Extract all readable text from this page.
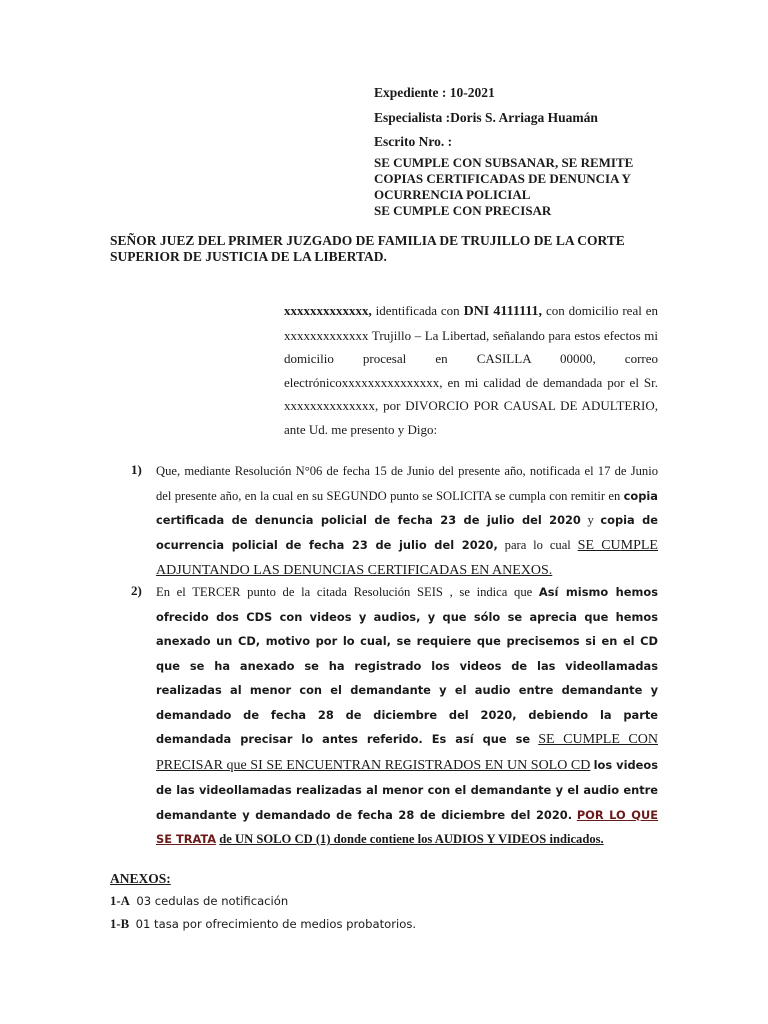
Expediente : 10-2021
Especialista :Doris S. Arriaga Huamán
Escrito Nro. :
SE CUMPLE CON SUBSANAR, SE REMITE
COPIAS CERTIFICADAS DE DENUNCIA Y
OCURRENCIA POLICIAL
SE CUMPLE CON PRECISAR
SEÑOR JUEZ DEL PRIMER JUZGADO DE FAMILIA DE TRUJILLO DE LA CORTE SUPERIOR DE JUSTICIA DE LA LIBERTAD.
xxxxxxxxxxxxx, identificada con DNI 4111111, con domicilio real en xxxxxxxxxxxxx Trujillo – La Libertad, señalando para estos efectos mi domicilio procesal en CASILLA 00000, correo electrónicoxxxxxxxxxxxxxxx, en mi calidad de demandada por el Sr. xxxxxxxxxxxxxx, por DIVORCIO POR CAUSAL DE ADULTERIO, ante Ud. me presento y Digo:
1) Que, mediante Resolución N°06 de fecha 15 de Junio del presente año, notificada el 17 de Junio del presente año, en la cual en su SEGUNDO punto se SOLICITA se cumpla con remitir en copia certificada de denuncia policial de fecha 23 de julio del 2020 y copia de ocurrencia policial de fecha 23 de julio del 2020, para lo cual SE CUMPLE ADJUNTANDO LAS DENUNCIAS CERTIFICADAS EN ANEXOS.
2) En el TERCER punto de la citada Resolución SEIS , se indica que Así mismo hemos ofrecido dos CDS con videos y audios, y que sólo se aprecia que hemos anexado un CD, motivo por lo cual, se requiere que precisemos si en el CD que se ha anexado se ha registrado los videos de las videollamadas realizadas al menor con el demandante y el audio entre demandante y demandado de fecha 28 de diciembre del 2020, debiendo la parte demandada precisar lo antes referido. Es así que se SE CUMPLE CON PRECISAR que SI SE ENCUENTRAN REGISTRADOS EN UN SOLO CD los videos de las videollamadas realizadas al menor con el demandante y el audio entre demandante y demandado de fecha 28 de diciembre del 2020. POR LO QUE SE TRATA de UN SOLO CD (1) donde contiene los AUDIOS Y VIDEOS indicados.
ANEXOS:
1-A 03 cedulas de notificación
1-B 01 tasa por ofrecimiento de medios probatorios.
